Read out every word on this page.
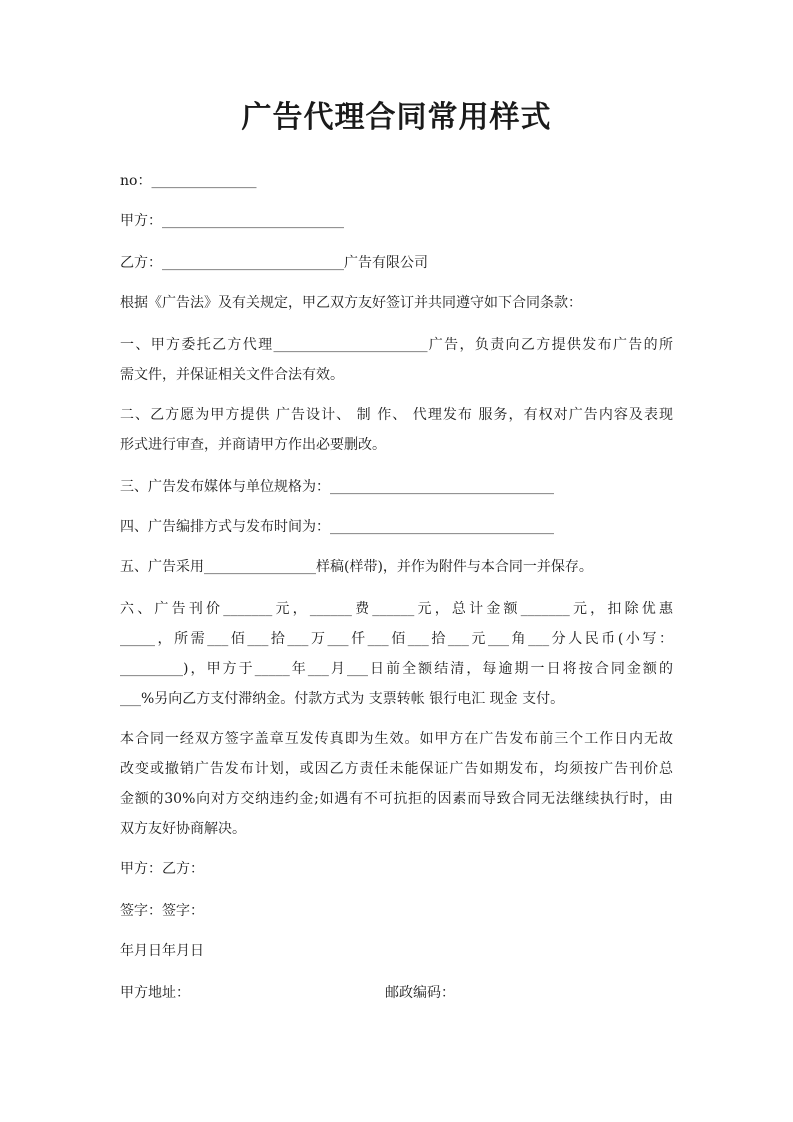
广告代理合同常用样式

no：_______________

甲方：__________________________

乙方：__________________________广告有限公司

根据《广告法》及有关规定，甲乙双方友好签订并共同遵守如下合同条款：

一、甲方委托乙方代理______________________广告，负责向乙方提供发布广告的所

需文件，并保证相关文件合法有效。

二、乙方愿为甲方提供 广告设计、 制 作、 代理发布 服务，有权对广告内容及表现

形式进行审查，并商请甲方作出必要删改。

三、广告发布媒体与单位规格为：________________________________

四、广告编排方式与发布时间为：________________________________

五、广告采用________________样稿(样带)，并作为附件与本合同一并保存。

六、广告刊价_______元，______费______元，总计金额_______元，扣除优惠

_____，所需___佰___拾___万___仟___佰___拾___元___角___分人民币(小写：

_________)，甲方于_____年___月___日前全额结清，每逾期一日将按合同金额的

___%另向乙方支付滞纳金。付款方式为 支票转帐 银行电汇 现金 支付。

本合同一经双方签字盖章互发传真即为生效。如甲方在广告发布前三个工作日内无故

改变或撤销广告发布计划，或因乙方责任未能保证广告如期发布，均须按广告刊价总

金额的30%向对方交纳违约金;如遇有不可抗拒的因素而导致合同无法继续执行时，由

双方友好协商解决。

甲方：乙方：

签字：签字：

年月日年月日

甲方地址：	邮政编码：
